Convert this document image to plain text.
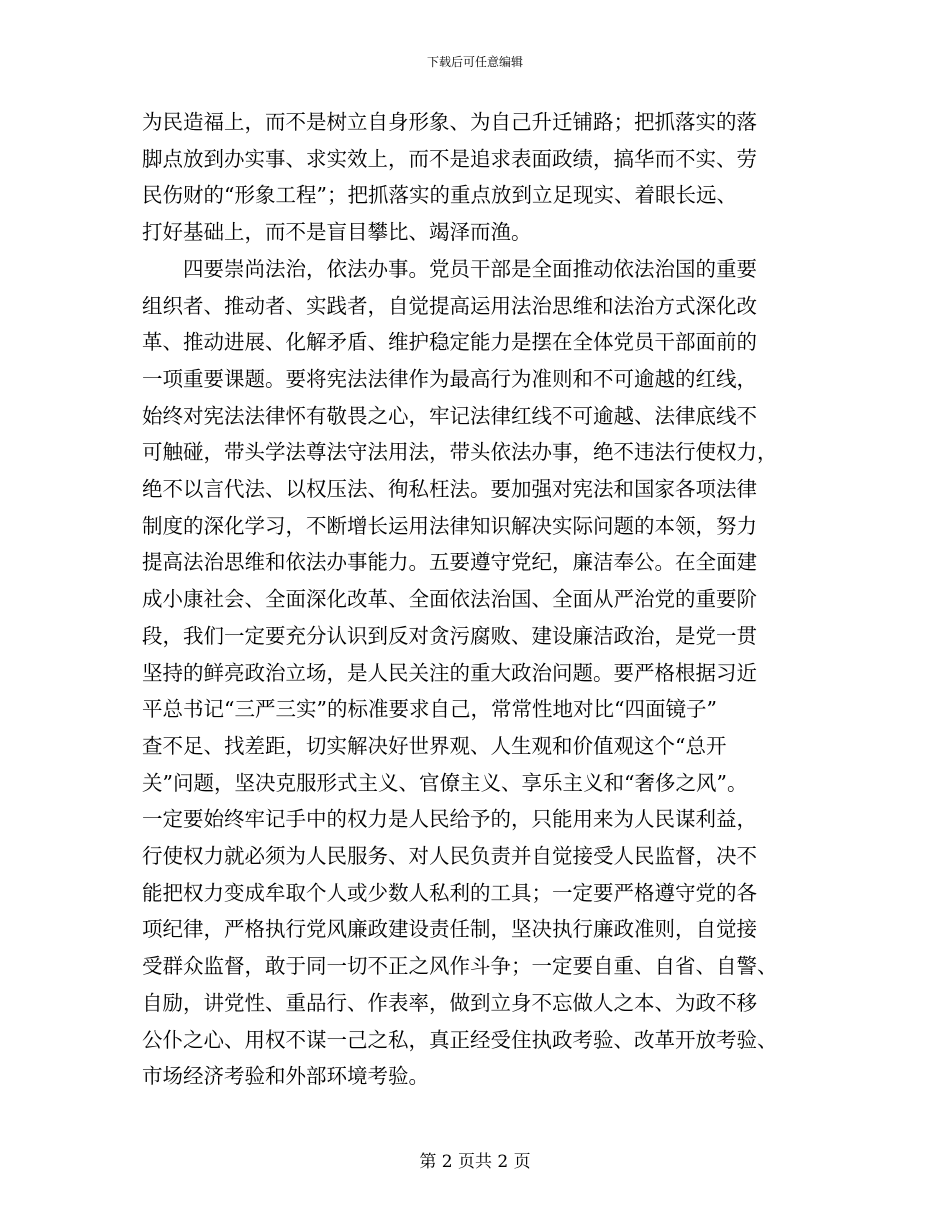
下载后可任意编辑
为民造福上，而不是树立自身形象、为自己升迁铺路；把抓落实的落
脚点放到办实事、求实效上，而不是追求表面政绩，搞华而不实、劳
民伤财的“形象工程”；把抓落实的重点放到立足现实、着眼长远、
打好基础上，而不是盲目攀比、竭泽而渔。
　　四要崇尚法治，依法办事。党员干部是全面推动依法治国的重要
组织者、推动者、实践者，自觉提高运用法治思维和法治方式深化改
革、推动进展、化解矛盾、维护稳定能力是摆在全体党员干部面前的
一项重要课题。要将宪法法律作为最高行为准则和不可逾越的红线，
始终对宪法法律怀有敬畏之心，牢记法律红线不可逾越、法律底线不
可触碰，带头学法尊法守法用法，带头依法办事，绝不违法行使权力，
绝不以言代法、以权压法、徇私枉法。要加强对宪法和国家各项法律
制度的深化学习，不断增长运用法律知识解决实际问题的本领，努力
提高法治思维和依法办事能力。五要遵守党纪，廉洁奉公。在全面建
成小康社会、全面深化改革、全面依法治国、全面从严治党的重要阶
段，我们一定要充分认识到反对贪污腐败、建设廉洁政治，是党一贯
坚持的鲜亮政治立场，是人民关注的重大政治问题。要严格根据习近
平总书记“三严三实”的标准要求自己，常常性地对比“四面镜子”
查不足、找差距，切实解决好世界观、人生观和价值观这个“总开
关”问题，坚决克服形式主义、官僚主义、享乐主义和“奢侈之风”。
一定要始终牢记手中的权力是人民给予的，只能用来为人民谋利益，
行使权力就必须为人民服务、对人民负责并自觉接受人民监督，决不
能把权力变成牟取个人或少数人私利的工具；一定要严格遵守党的各
项纪律，严格执行党风廉政建设责任制，坚决执行廉政准则，自觉接
受群众监督，敢于同一切不正之风作斗争；一定要自重、自省、自警、
自励，讲党性、重品行、作表率，做到立身不忘做人之本、为政不移
公仆之心、用权不谋一己之私，真正经受住执政考验、改革开放考验、
市场经济考验和外部环境考验。
第 2 页共 2 页
